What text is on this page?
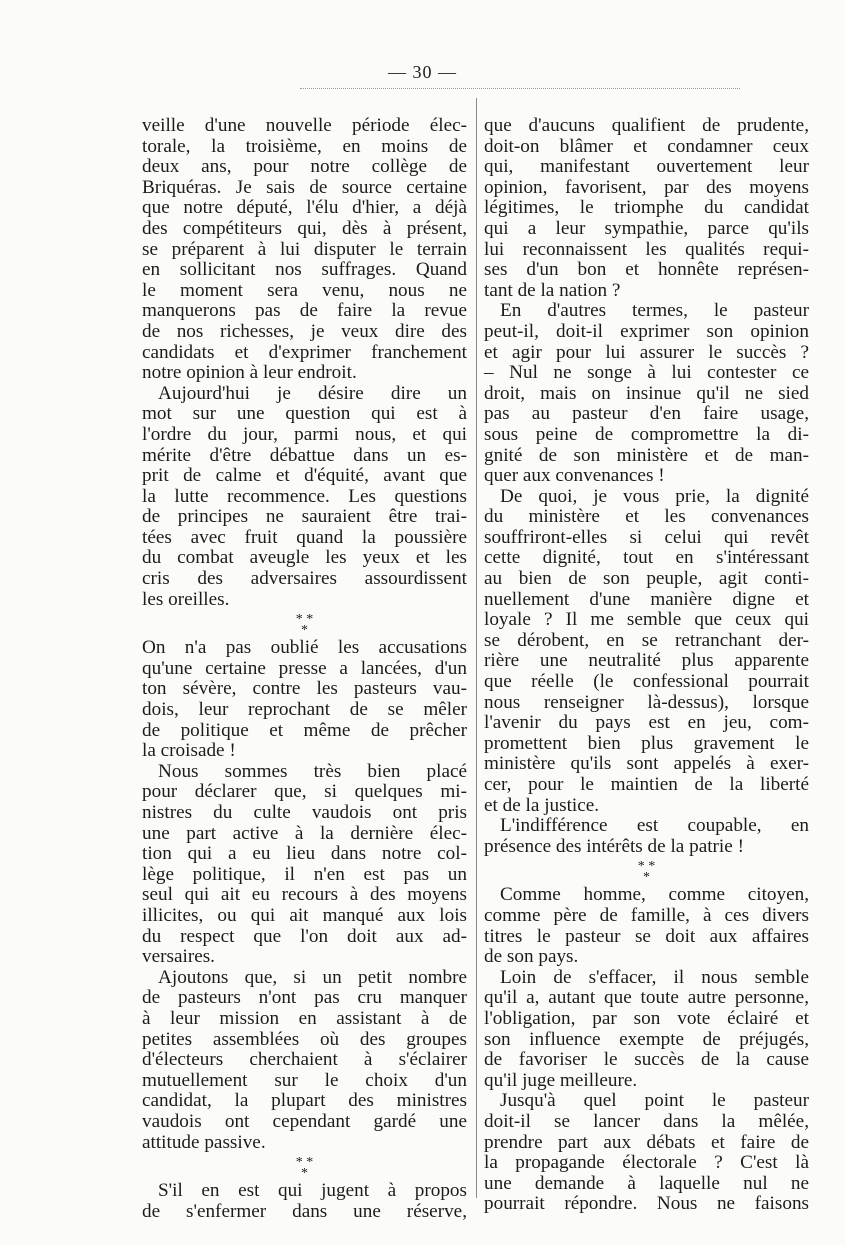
— 30 —
veille d'une nouvelle période élec-
torale, la troisième, en moins de
deux ans, pour notre collège de
Briquéras. Je sais de source certaine
que notre député, l'élu d'hier, a déjà
des compétiteurs qui, dès à présent,
se préparent à lui disputer le terrain
en sollicitant nos suffrages. Quand
le moment sera venu, nous ne
manquerons pas de faire la revue
de nos richesses, je veux dire des
candidats et d'exprimer franchement
notre opinion à leur endroit.
Aujourd'hui je désire dire un
mot sur une question qui est à
l'ordre du jour, parmi nous, et qui
mérite d'être débattue dans un es-
prit de calme et d'équité, avant que
la lutte recommence. Les questions
de principes ne sauraient être trai-
tées avec fruit quand la poussière
du combat aveugle les yeux et les
cris des adversaires assourdissent
les oreilles.
* *
*
On n'a pas oublié les accusations
qu'une certaine presse a lancées, d'un
ton sévère, contre les pasteurs vau-
dois, leur reprochant de se mêler
de politique et même de prêcher
la croisade !
Nous sommes très bien placé
pour déclarer que, si quelques mi-
nistres du culte vaudois ont pris
une part active à la dernière élec-
tion qui a eu lieu dans notre col-
lège politique, il n'en est pas un
seul qui ait eu recours à des moyens
illicites, ou qui ait manqué aux lois
du respect que l'on doit aux ad-
versaires.
Ajoutons que, si un petit nombre
de pasteurs n'ont pas cru manquer
à leur mission en assistant à de
petites assemblées où des groupes
d'électeurs cherchaient à s'éclairer
mutuellement sur le choix d'un
candidat, la plupart des ministres
vaudois ont cependant gardé une
attitude passive.
* *
*
S'il en est qui jugent à propos
de s'enfermer dans une réserve,
que d'aucuns qualifient de prudente,
doit-on blâmer et condamner ceux
qui, manifestant ouvertement leur
opinion, favorisent, par des moyens
légitimes, le triomphe du candidat
qui a leur sympathie, parce qu'ils
lui reconnaissent les qualités requi-
ses d'un bon et honnête représen-
tant de la nation ?
En d'autres termes, le pasteur
peut-il, doit-il exprimer son opinion
et agir pour lui assurer le succès ?
– Nul ne songe à lui contester ce
droit, mais on insinue qu'il ne sied
pas au pasteur d'en faire usage,
sous peine de compromettre la di-
gnité de son ministère et de man-
quer aux convenances !
De quoi, je vous prie, la dignité
du ministère et les convenances
souffriront-elles si celui qui revêt
cette dignité, tout en s'intéressant
au bien de son peuple, agit conti-
nuellement d'une manière digne et
loyale ? Il me semble que ceux qui
se dérobent, en se retranchant der-
rière une neutralité plus apparente
que réelle (le confessional pourrait
nous renseigner là-dessus), lorsque
l'avenir du pays est en jeu, com-
promettent bien plus gravement le
ministère qu'ils sont appelés à exer-
cer, pour le maintien de la liberté
et de la justice.
L'indifférence est coupable, en
présence des intérêts de la patrie !
* *
*
Comme homme, comme citoyen,
comme père de famille, à ces divers
titres le pasteur se doit aux affaires
de son pays.
Loin de s'effacer, il nous semble
qu'il a, autant que toute autre personne,
l'obligation, par son vote éclairé et
son influence exempte de préjugés,
de favoriser le succès de la cause
qu'il juge meilleure.
Jusqu'à quel point le pasteur
doit-il se lancer dans la mêlée,
prendre part aux débats et faire de
la propagande électorale ? C'est là
une demande à laquelle nul ne
pourrait répondre. Nous ne faisons
